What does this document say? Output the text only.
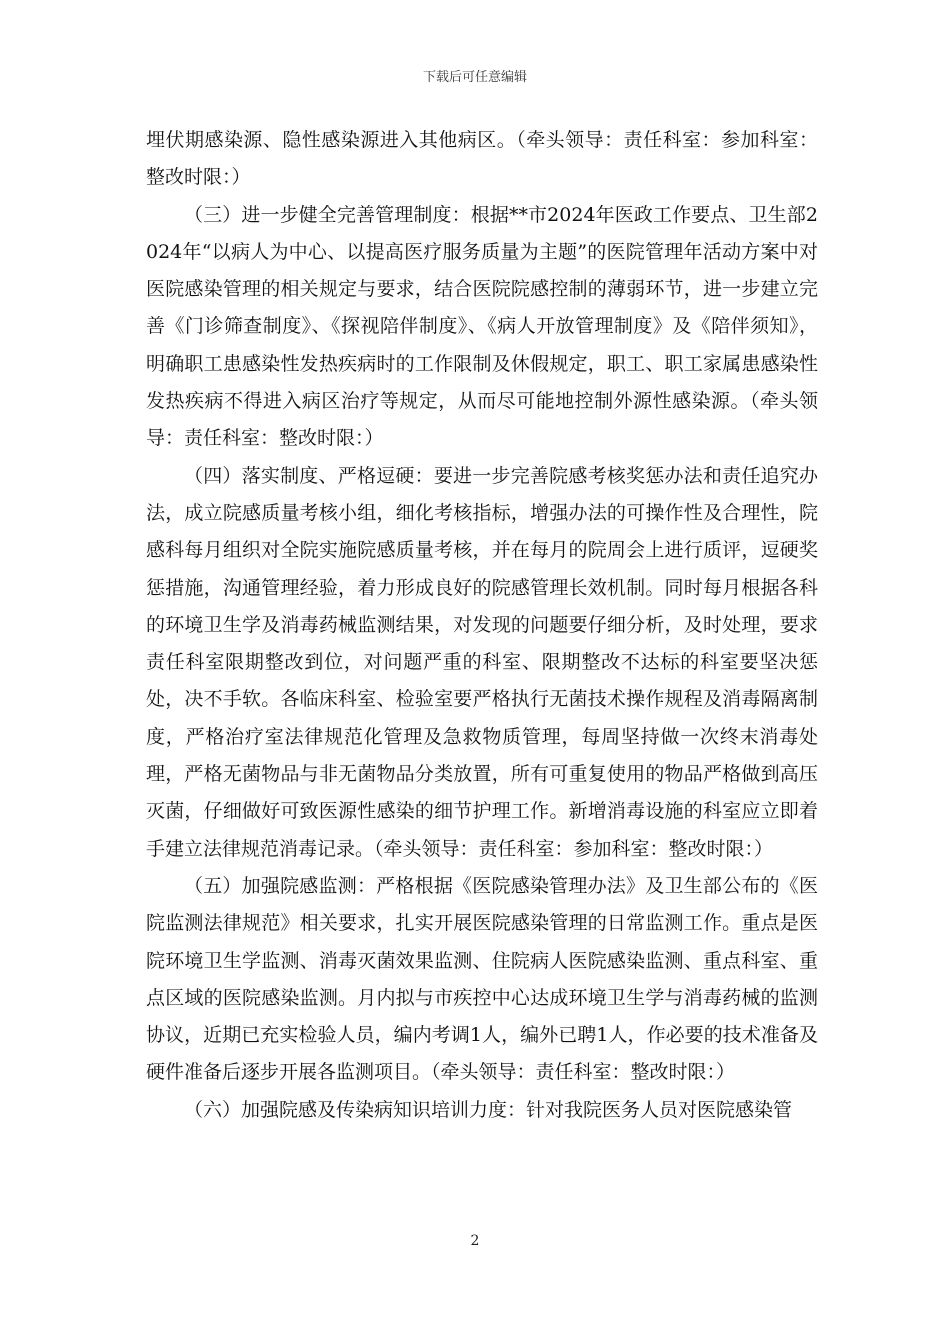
下载后可任意编辑

埋伏期感染源、隐性感染源进入其他病区。（牵头领导：责任科室：参加科室：整改时限：）

（三）进一步健全完善管理制度：根据**市2024年医政工作要点、卫生部2024年“以病人为中心、以提高医疗服务质量为主题”的医院管理年活动方案中对医院感染管理的相关规定与要求，结合医院院感控制的薄弱环节，进一步建立完善《门诊筛查制度》、《探视陪伴制度》、《病人开放管理制度》及《陪伴须知》，明确职工患感染性发热疾病时的工作限制及休假规定，职工、职工家属患感染性发热疾病不得进入病区治疗等规定，从而尽可能地控制外源性感染源。（牵头领导：责任科室：整改时限：）

（四）落实制度、严格逗硬：要进一步完善院感考核奖惩办法和责任追究办法，成立院感质量考核小组，细化考核指标，增强办法的可操作性及合理性，院感科每月组织对全院实施院感质量考核，并在每月的院周会上进行质评，逗硬奖惩措施，沟通管理经验，着力形成良好的院感管理长效机制。同时每月根据各科的环境卫生学及消毒药械监测结果，对发现的问题要仔细分析，及时处理，要求责任科室限期整改到位，对问题严重的科室、限期整改不达标的科室要坚决惩处，决不手软。各临床科室、检验室要严格执行无菌技术操作规程及消毒隔离制度，严格治疗室法律规范化管理及急救物质管理，每周坚持做一次终末消毒处理，严格无菌物品与非无菌物品分类放置，所有可重复使用的物品严格做到高压灭菌，仔细做好可致医源性感染的细节护理工作。新增消毒设施的科室应立即着手建立法律规范消毒记录。（牵头领导：责任科室：参加科室：整改时限：）

（五）加强院感监测：严格根据《医院感染管理办法》及卫生部公布的《医院监测法律规范》相关要求，扎实开展医院感染管理的日常监测工作。重点是医院环境卫生学监测、消毒灭菌效果监测、住院病人医院感染监测、重点科室、重点区域的医院感染监测。月内拟与市疾控中心达成环境卫生学与消毒药械的监测协议，近期已充实检验人员，编内考调1人，编外已聘1人，作必要的技术准备及硬件准备后逐步开展各监测项目。（牵头领导：责任科室：整改时限：）

（六）加强院感及传染病知识培训力度：针对我院医务人员对医院感染管

2
